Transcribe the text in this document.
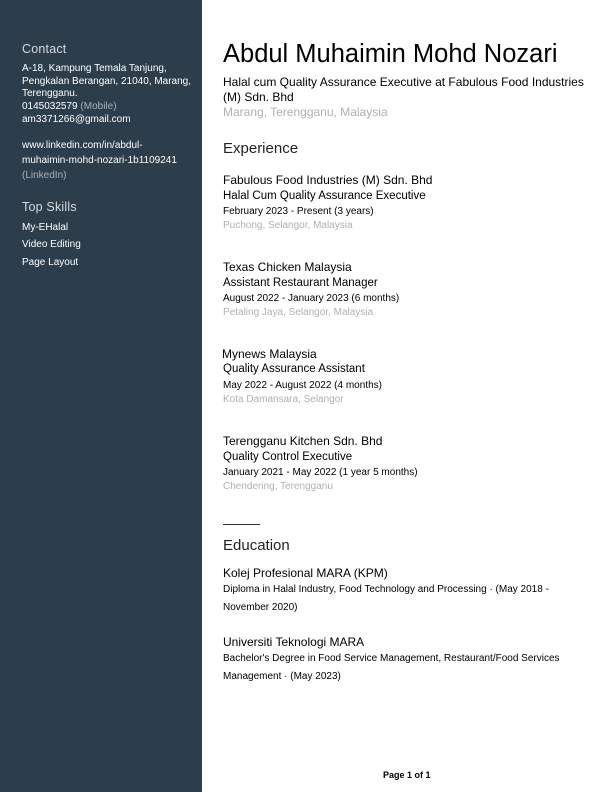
Contact
A-18, Kampung Temala Tanjung, Pengkalan Berangan, 21040, Marang, Terengganu.
0145032579 (Mobile)
am3371266@gmail.com
www.linkedin.com/in/abdul-
muhaimin-mohd-nozari-1b1109241
(LinkedIn)
Top Skills
My-EHalal
Video Editing
Page Layout
Abdul Muhaimin Mohd Nozari
Halal cum Quality Assurance Executive at Fabulous Food Industries (M) Sdn. Bhd
Marang, Terengganu, Malaysia
Experience
Fabulous Food Industries (M) Sdn. Bhd
Halal Cum Quality Assurance Executive
February 2023 - Present (3 years)
Puchong, Selangor, Malaysia
Texas Chicken Malaysia
Assistant Restaurant Manager
August 2022 - January 2023 (6 months)
Petaling Jaya, Selangor, Malaysia
Mynews Malaysia
Quality Assurance Assistant
May 2022 - August 2022 (4 months)
Kota Damansara, Selangor
Terengganu Kitchen Sdn. Bhd
Quality Control Executive
January 2021 - May 2022 (1 year 5 months)
Chendering, Terengganu
Education
Kolej Profesional MARA (KPM)
Diploma in Halal Industry, Food Technology and Processing · (May 2018 - November 2020)
Universiti Teknologi MARA
Bachelor's Degree in Food Service Management, Restaurant/Food Services Management · (May 2023)
Page 1 of 1
